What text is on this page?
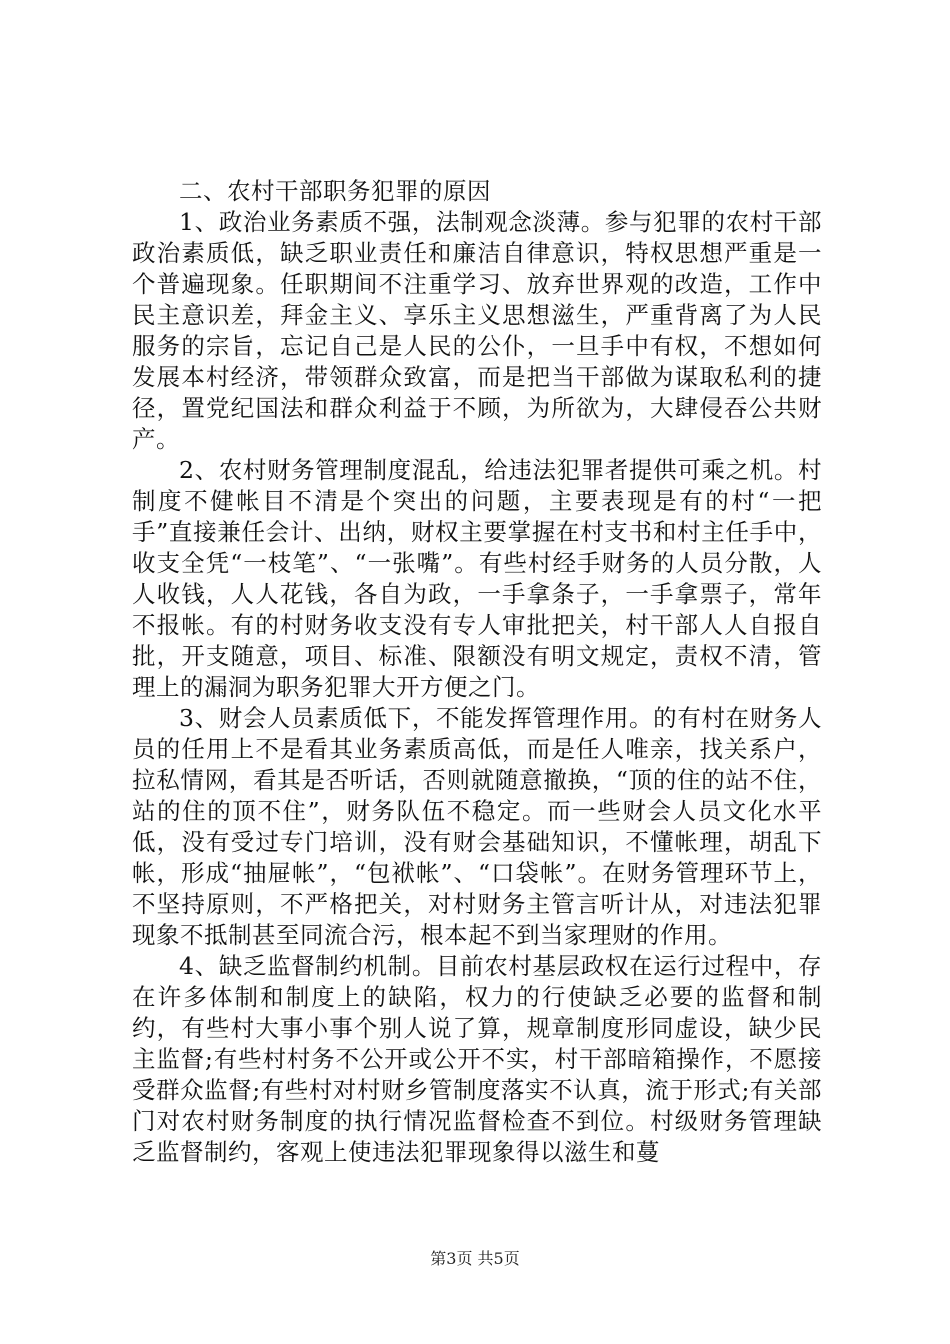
二、农村干部职务犯罪的原因

1、政治业务素质不强，法制观念淡薄。参与犯罪的农村干部政治素质低，缺乏职业责任和廉洁自律意识，特权思想严重是一个普遍现象。任职期间不注重学习、放弃世界观的改造，工作中民主意识差，拜金主义、享乐主义思想滋生，严重背离了为人民服务的宗旨，忘记自己是人民的公仆，一旦手中有权，不想如何发展本村经济，带领群众致富，而是把当干部做为谋取私利的捷径，置党纪国法和群众利益于不顾，为所欲为，大肆侵吞公共财产。

2、农村财务管理制度混乱，给违法犯罪者提供可乘之机。村制度不健帐目不清是个突出的问题，主要表现是有的村“一把手”直接兼任会计、出纳，财权主要掌握在村支书和村主任手中，收支全凭“一枝笔”、“一张嘴”。有些村经手财务的人员分散，人人收钱，人人花钱，各自为政，一手拿条子，一手拿票子，常年不报帐。有的村财务收支没有专人审批把关，村干部人人自报自批，开支随意，项目、标准、限额没有明文规定，责权不清，管理上的漏洞为职务犯罪大开方便之门。

3、财会人员素质低下，不能发挥管理作用。的有村在财务人员的任用上不是看其业务素质高低，而是任人唯亲，找关系户，拉私情网，看其是否听话，否则就随意撤换，“顶的住的站不住，站的住的顶不住”，财务队伍不稳定。而一些财会人员文化水平低，没有受过专门培训，没有财会基础知识，不懂帐理，胡乱下帐，形成“抽屉帐”，“包袱帐”、“口袋帐”。在财务管理环节上，不坚持原则，不严格把关，对村财务主管言听计从，对违法犯罪现象不抵制甚至同流合污，根本起不到当家理财的作用。

4、缺乏监督制约机制。目前农村基层政权在运行过程中，存在许多体制和制度上的缺陷，权力的行使缺乏必要的监督和制约，有些村大事小事个别人说了算，规章制度形同虚设，缺少民主监督;有些村村务不公开或公开不实，村干部暗箱操作，不愿接受群众监督;有些村对村财乡管制度落实不认真，流于形式;有关部门对农村财务制度的执行情况监督检查不到位。村级财务管理缺乏监督制约，客观上使违法犯罪现象得以滋生和蔓

第3页 共5页
